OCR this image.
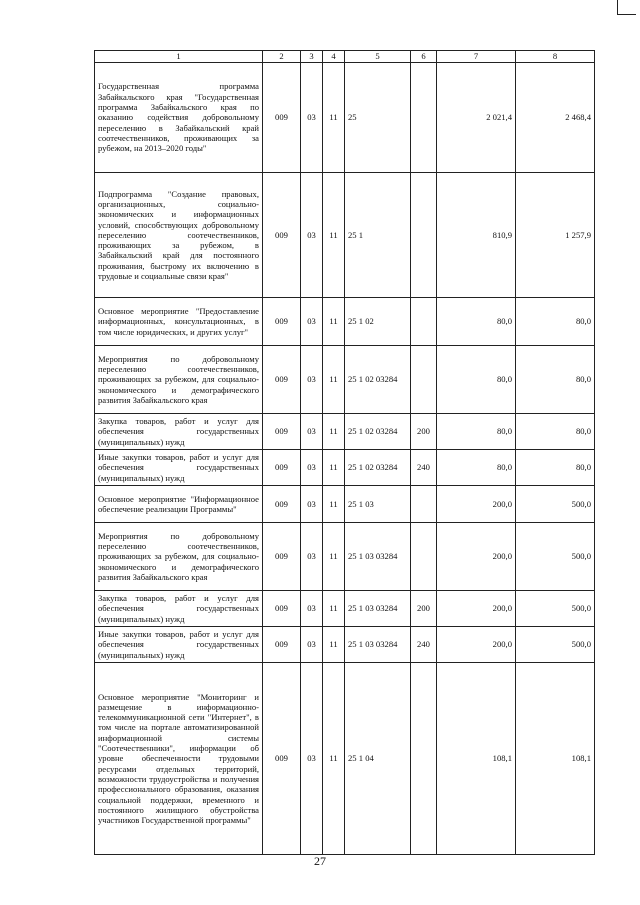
1	2	3	4	5	6	7	8
Государственная программа Забайкальского края "Государственная программа Забайкальского края по оказанию содействия добровольному переселению в Забайкальский край соотечественников, проживающих за рубежом, на 2013–2020 годы"	009	03	11	25		2 021,4	2 468,4
Подпрограмма "Создание правовых, организационных, социально-экономических и информационных условий, способствующих добровольному переселению соотечественников, проживающих за рубежом, в Забайкальский край для постоянного проживания, быстрому их включению в трудовые и социальные связи края"	009	03	11	25 1		810,9	1 257,9
Основное мероприятие "Предоставление информационных, консультационных, в том числе юридических, и других услуг"	009	03	11	25 1 02		80,0	80,0
Мероприятия по добровольному переселению соотечественников, проживающих за рубежом, для социально-экономического и демографического развития Забайкальского края	009	03	11	25 1 02 03284		80,0	80,0
Закупка товаров, работ и услуг для обеспечения государственных (муниципальных) нужд	009	03	11	25 1 02 03284	200	80,0	80,0
Иные закупки товаров, работ и услуг для обеспечения государственных (муниципальных) нужд	009	03	11	25 1 02 03284	240	80,0	80,0
Основное мероприятие "Информационное обеспечение реализации Программы"	009	03	11	25 1 03		200,0	500,0
Мероприятия по добровольному переселению соотечественников, проживающих за рубежом, для социально-экономического и демографического развития Забайкальского края	009	03	11	25 1 03 03284		200,0	500,0
Закупка товаров, работ и услуг для обеспечения государственных (муниципальных) нужд	009	03	11	25 1 03 03284	200	200,0	500,0
Иные закупки товаров, работ и услуг для обеспечения государственных (муниципальных) нужд	009	03	11	25 1 03 03284	240	200,0	500,0
Основное мероприятие "Мониторинг и размещение в информационно-телекоммуникационной сети "Интернет", в том числе на портале автоматизированной информационной системы "Соотечественники", информации об уровне обеспеченности трудовыми ресурсами отдельных территорий, возможности трудоустройства и получения профессионального образования, оказания социальной поддержки, временного и постоянного жилищного обустройства участников Государственной программы"	009	03	11	25 1 04		108,1	108,1
27
